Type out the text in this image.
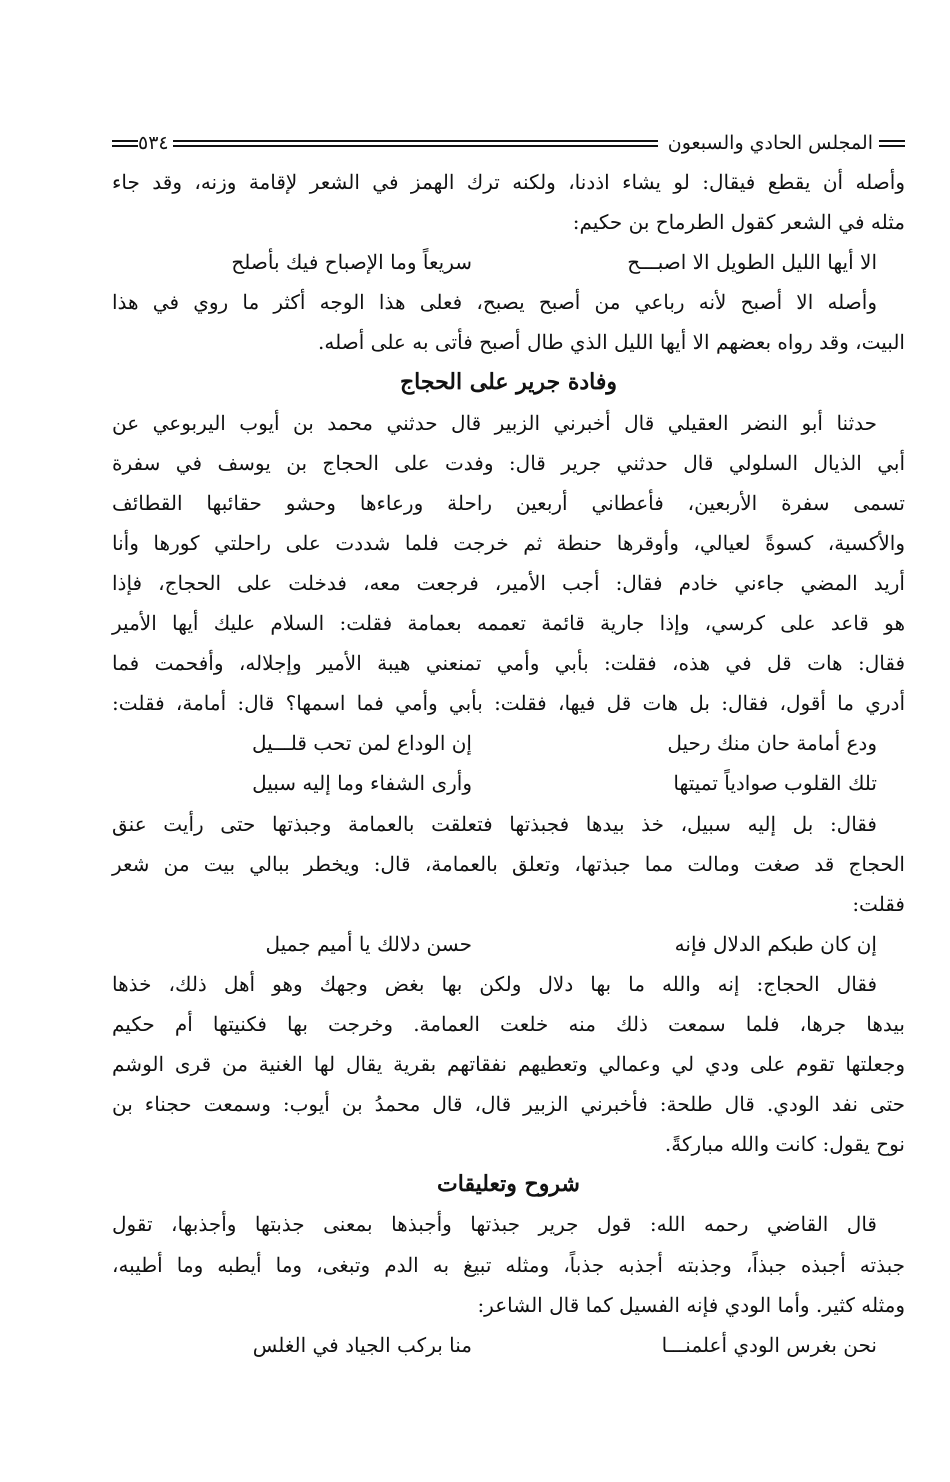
المجلس الحادي والسبعون
٥٣٤
وأصله أن يقطع فيقال: لو يشاء اذدنا، ولكنه ترك الهمز في الشعر لإقامة وزنه، وقد جاء
مثله في الشعر كقول الطرماح بن حكيم:
الا أيها الليل الطويل الا اصبـــح
سريعاً وما الإصباح فيك بأصلح
وأصله الا أصبح لأنه رباعي من أصبح يصبح، فعلى هذا الوجه أكثر ما روي في هذا
البيت، وقد رواه بعضهم الا أيها الليل الذي طال أصبح فأتى به على أصله.
وفادة جرير على الحجاج
حدثنا أبو النضر العقيلي قال أخبرني الزبير قال حدثني محمد بن أيوب اليربوعي عن
أبي الذيال السلولي قال حدثني جرير قال: وفدت على الحجاج بن يوسف في سفرة
تسمى سفرة الأربعين، فأعطاني أربعين راحلة ورعاءها وحشو حقائبها القطائف
والأكسية، كسوةً لعيالي، وأوقرها حنطة ثم خرجت فلما شددت على راحلتي كورها وأنا
أريد المضي جاءني خادم فقال: أجب الأمير، فرجعت معه، فدخلت على الحجاج، فإذا
هو قاعد على كرسي، وإذا جارية قائمة تعممه بعمامة فقلت: السلام عليك أيها الأمير
فقال: هات قل في هذه، فقلت: بأبي وأمي تمنعني هيبة الأمير وإجلاله، وأفحمت فما
أدري ما أقول، فقال: بل هات قل فيها، فقلت: بأبي وأمي فما اسمها؟ قال: أمامة، فقلت:
ودع أمامة حان منك رحيل
إن الوداع لمن تحب قلـــيل
تلك القلوب صوادياً تميتها
وأرى الشفاء وما إليه سبيل
فقال: بل إليه سبيل، خذ بيدها فجبذتها فتعلقت بالعمامة وجبذتها حتى رأيت عنق
الحجاج قد صغت ومالت مما جبذتها، وتعلق بالعمامة، قال: ويخطر ببالي بيت من شعر
فقلت:
إن كان طبكم الدلال فإنه
حسن دلالك يا أميم جميل
فقال الحجاج: إنه والله ما بها دلال ولكن بها بغض وجهك وهو أهل ذلك، خذها
بيدها جرها، فلما سمعت ذلك منه خلعت العمامة. وخرجت بها فكنيتها أم حكيم
وجعلتها تقوم على ودي لي وعمالي وتعطيهم نفقاتهم بقرية يقال لها الغنية من قرى الوشم
حتى نفد الودي. قال طلحة: فأخبرني الزبير قال، قال محمدُ بن أيوب: وسمعت حجناء بن
نوح يقول: كانت والله مباركةً.
شروح وتعليقات
قال القاضي رحمه الله: قول جرير جبذتها وأجبذها بمعنى جذبتها وأجذبها، تقول
جبذته أجبذه جبذاً، وجذبته أجذبه جذباً، ومثله تبيغ به الدم وتبغى، وما أيطبه وما أطيبه،
ومثله كثير. وأما الودي فإنه الفسيل كما قال الشاعر:
نحن بغرس الودي أعلمنـــا
منا بركب الجياد في الغلس
